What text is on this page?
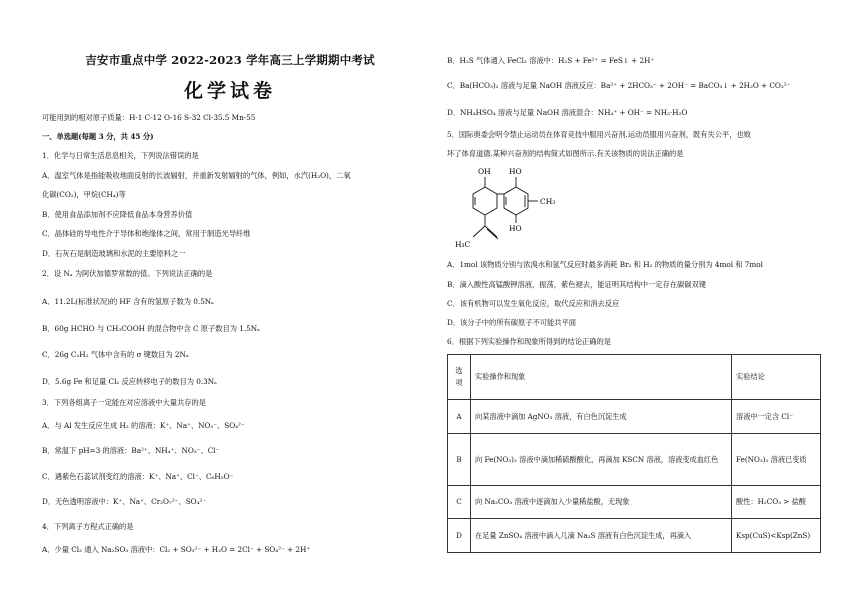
吉安市重点中学 2022-2023 学年高三上学期期中考试
化学试卷
可能用到的相对原子质量：H-1 C-12 O-16 S-32 Cl-35.5 Mn-55
一、单选题(每题 3 分，共 45 分)
1．化学与日常生活息息相关，下列说法错误的是
A．温室气体是指能吸收地面反射的长波辐射，并重新发射辐射的气体，例如，水汽(H₂O)，二氧
化碳(CO₂)，甲烷(CH₄)等
B．使用食品添加剂不应降低食品本身营养价值
C．晶体硅的导电性介于导体和绝缘体之间，常用于制造光导纤维
D．石灰石是制造玻璃和水泥的主要原料之一
2．设 Nₐ 为阿伏加德罗常数的值。下列说法正确的是
A．11.2L(标准状况)的 HF 含有的氢原子数为 0.5Nₐ
B．60g HCHO 与 CH₃COOH 的混合物中含 C 原子数目为 1.5Nₐ
C．26g C₂H₂ 气体中含有的 σ 键数目为 2Nₐ
D．5.6g Fe 和足量 Cl₂ 反应转移电子的数目为 0.3Nₐ
3．下列各组离子一定能在对应溶液中大量共存的是
A．与 Al 发生反应生成 H₂ 的溶液：K⁺、Na⁺、NO₃⁻、SO₄²⁻
B．常温下 pH=3 的溶液：Ba²⁺、NH₄⁺、NO₃⁻、Cl⁻
C．遇紫色石蕊试剂变红的溶液：K⁺、Na⁺、Cl⁻、C₆H₅O⁻
D．无色透明溶液中：K⁺、Na⁺、Cr₂O₇²⁻、SO₄²⁻
4．下列离子方程式正确的是
A．少量 Cl₂ 通入 Na₂SO₃ 溶液中：Cl₂ + SO₃²⁻ + H₂O = 2Cl⁻ + SO₄²⁻ + 2H⁺
B．H₂S 气体通入 FeCl₂ 溶液中：H₂S + Fe²⁺ = FeS↓ + 2H⁺
C．Ba(HCO₃)₂ 溶液与足量 NaOH 溶液反应：Ba²⁺ + 2HCO₃⁻ + 2OH⁻ = BaCO₃↓ + 2H₂O + CO₃²⁻
D．NH₄HSO₄ 溶液与足量 NaOH 溶液混合：NH₄⁺ + OH⁻ = NH₃·H₂O
5．国际奥委会明令禁止运动员在体育竞技中服用兴奋剂.运动员服用兴奋剂，既有失公平，也败
坏了体育道德.某种兴奋剂的结构简式如图所示.有关该物质的说法正确的是
OH HO
HO
CH₃
H₃C
A．1mol 该物质分别与浓溴水和氢气反应时最多消耗 Br₂ 和 H₂ 的物质的量分别为 4mol 和 7mol
B．滴入酸性高锰酸钾溶液，振荡，紫色褪去，能证明其结构中一定存在碳碳双键
C．该有机物可以发生氧化反应，取代反应和消去反应
D．该分子中的所有碳原子不可能共平面
6．根据下列实验操作和现象所得到的结论正确的是
选项	实验操作和现象	实验结论
A	向某溶液中滴加 AgNO₃ 溶液，有白色沉淀生成	溶液中一定含 Cl⁻
B	向 Fe(NO₃)₂ 溶液中滴加稀硫酸酸化，再滴加 KSCN 溶液，溶液变成血红色	Fe(NO₃)₂ 溶液已变质
C	向 Na₂CO₃ 溶液中逐滴加入少量稀盐酸，无现象	酸性：H₂CO₃ > 盐酸
D	在足量 ZnSO₄ 溶液中滴入几滴 Na₂S 溶液有白色沉淀生成，再滴入	Ksp(CuS)<Ksp(ZnS)
